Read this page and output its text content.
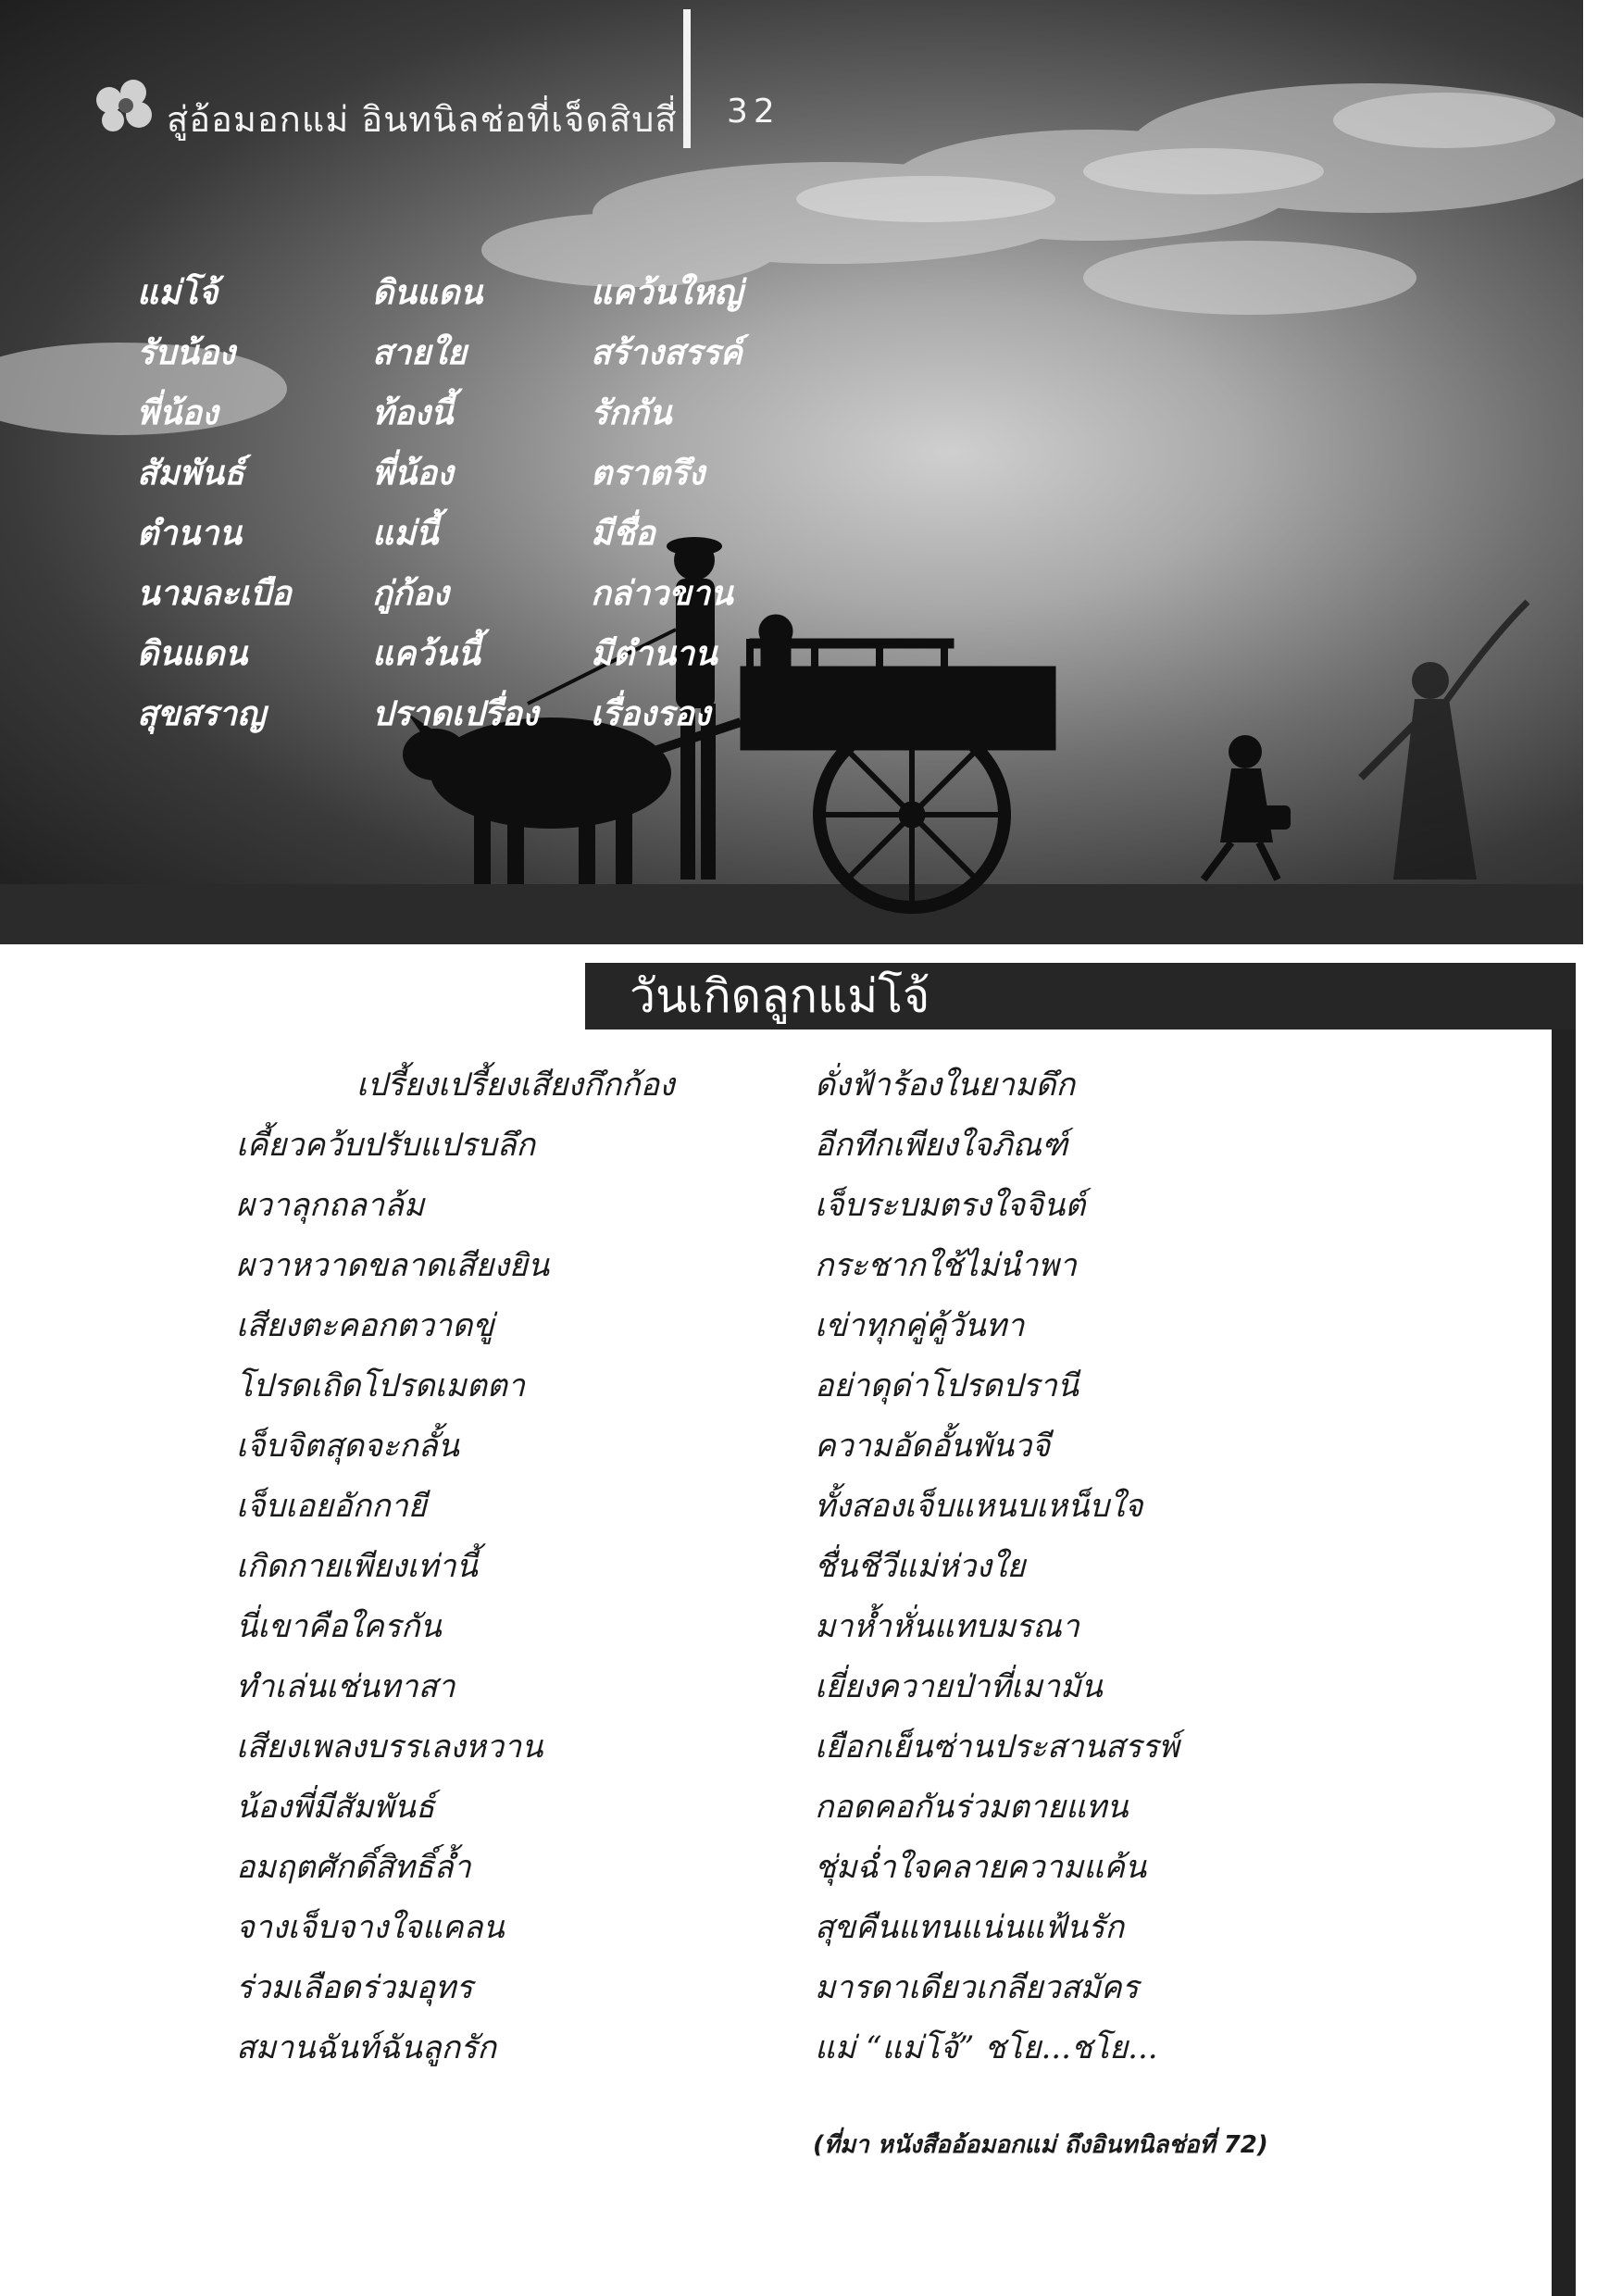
สู่อ้อมอกแม่ อินทนิลช่อที่เจ็ดสิบสี่ 32
แม่โจ้
รับน้อง
พี่น้อง
สัมพันธ์
ตำนาน
นามละเบือ
ดินแดน
สุขสราญ
ดินแดน
สายใย
ท้องนี้
พี่น้อง
แม่นี้
กู่ก้อง
แคว้นนี้
ปราดเปรื่อง
แคว้นใหญ่
สร้างสรรค์
รักกัน
ตราตรึง
มีชื่อ
กล่าวขาน
มีตำนาน
เรื่องรอง
วันเกิดลูกแม่โจ้
เปรี้ยงเปรี้ยงเสียงกึกก้อง
เคี้ยวคว้บปรับแปรบลึก
ผวาลุกถลาล้ม
ผวาหวาดขลาดเสียงยิน
เสียงตะคอกตวาดขู่
โปรดเถิดโปรดเมตตา
เจ็บจิตสุดจะกลั้น
เจ็บเอยอักกายี
เกิดกายเพียงเท่านี้
นี่เขาคือใครกัน
ทำเล่นเช่นทาสา
เสียงเพลงบรรเลงหวาน
น้องพี่มีสัมพันธ์
อมฤตศักดิ์สิทธิ์ล้ำ
จางเจ็บจางใจแคลน
ร่วมเลือดร่วมอุทร
สมานฉันท์ฉันลูกรัก
ดั่งฟ้าร้องในยามดึก
อีกทีกเพียงใจภิณฑ์
เจ็บระบมตรงใจจินต์
กระชากใช้ไม่นำพา
เข่าทุกคู่คู้วันทา
อย่าดุด่าโปรดปรานี
ความอัดอั้นพันวจี
ทั้งสองเจ็บแหนบเหน็บใจ
ชื่นชีวีแม่ห่วงใย
มาห้ำหั่นแทบมรณา
เยี่ยงควายป่าที่เมามัน
เยือกเย็นซ่านประสานสรรพ์
กอดคอกันร่วมตายแทน
ชุ่มฉ่ำใจคลายความแค้น
สุขคืนแทนแน่นแฟ้นรัก
มารดาเดียวเกลียวสมัคร
แม่ “แม่โจ้” ชโย...ชโย...
(ที่มา หนังสืออ้อมอกแม่ ถึงอินทนิลช่อที่ 72)
